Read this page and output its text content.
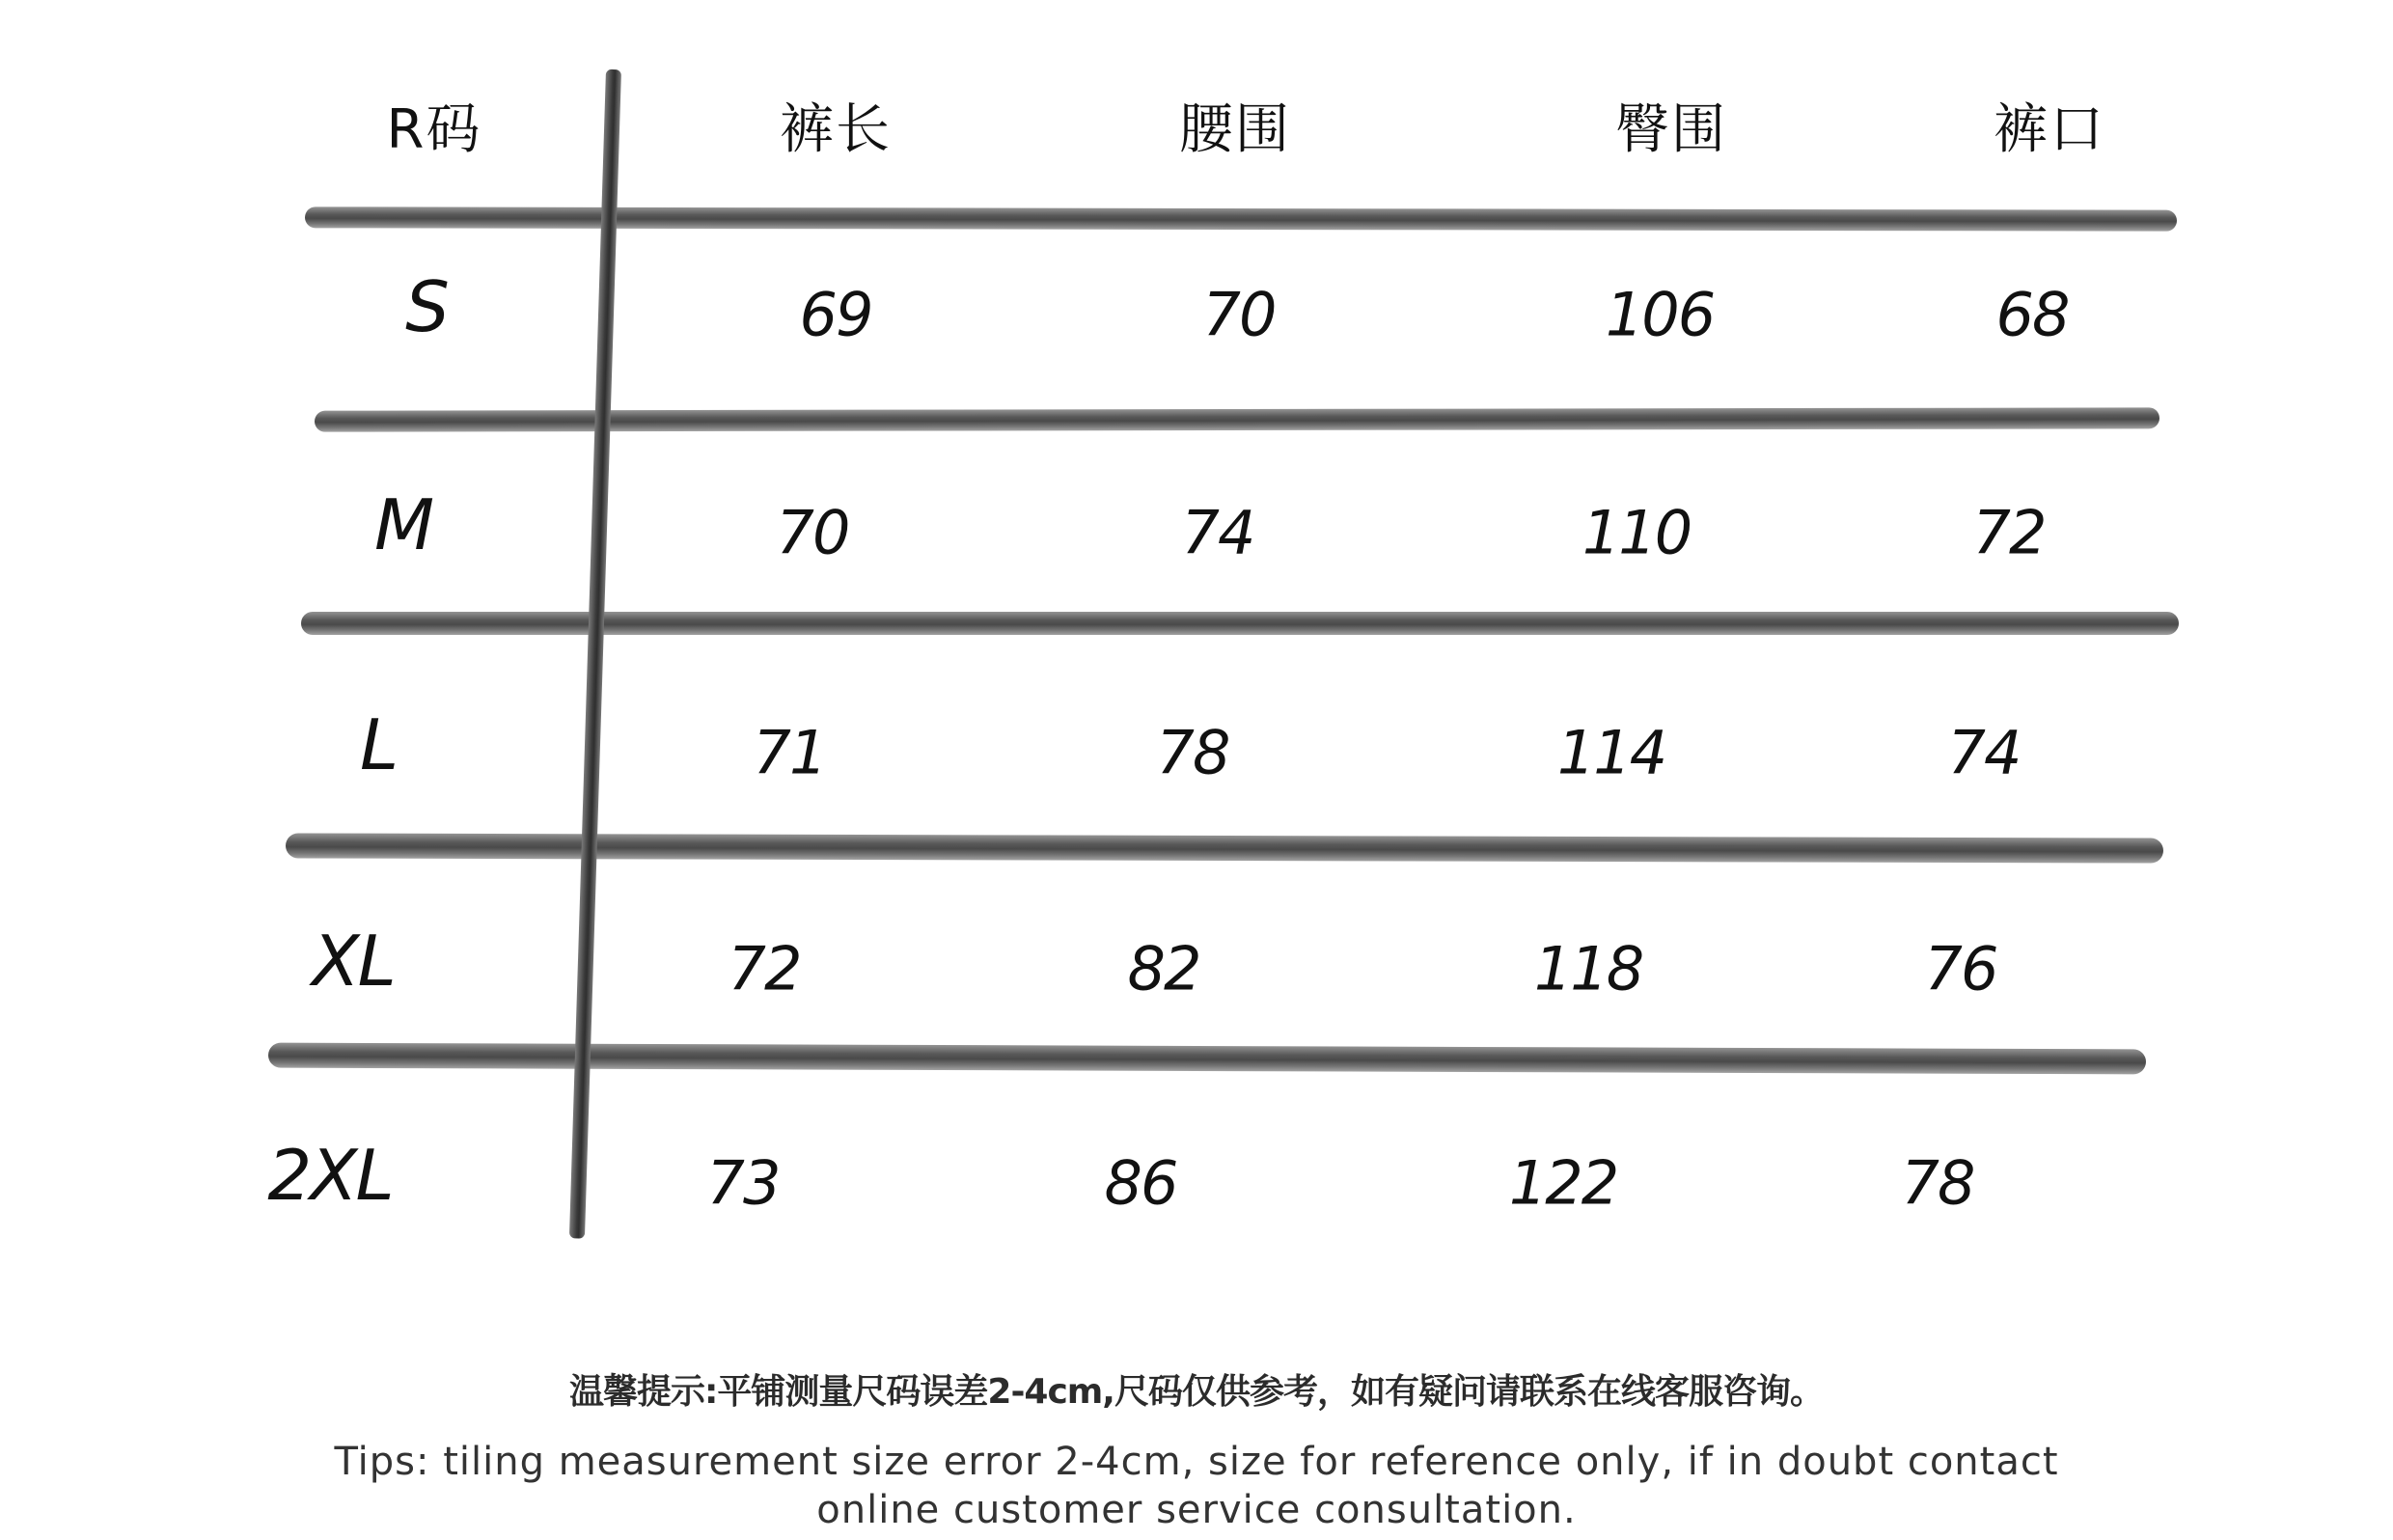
R码	裤长	腰围	臀围	裤口
S	69	70	106	68
M	70	74	110	72
L	71	78	114	74
XL	72	82	118	76
2XL	73	86	122	78

温馨提示:平铺测量尺码误差2-4cm,尺码仅供参考，如有疑问请联系在线客服咨询。

Tips: tiling measurement size error 2-4cm, size for reference only, if in doubt contact online customer service consultation.
